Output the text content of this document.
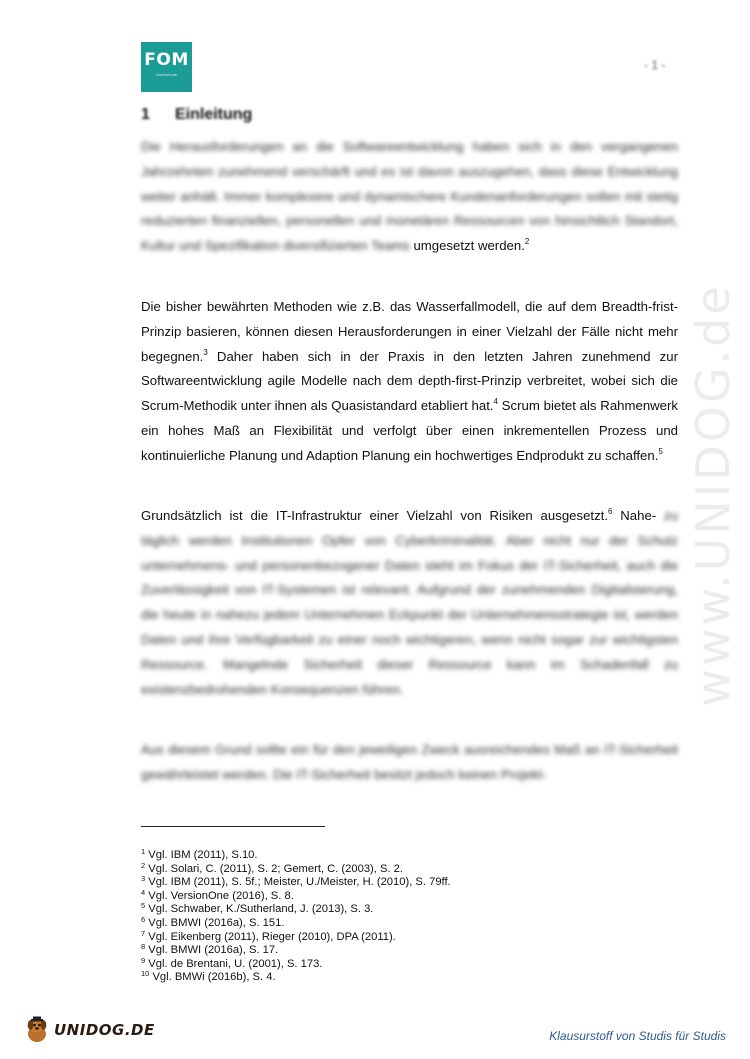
FOM
Hochschule
- 1 -
1 Einleitung
Die Herausforderungen an die Softwareentwicklung haben sich in den vergangenen Jahrzehnten zunehmend verschärft und es ist davon auszugehen, dass diese Entwicklung weiter anhält. Immer komplexere und dynamischere Kundenanforderungen sollen mit stetig reduzierten finanziellen, personellen und monetären Ressourcen von hinsichtlich Standort, Kultur und Spezifikation diversifizierten Teams umgesetzt werden.$^2$
Die bisher bewährten Methoden wie z.B. das Wasserfallmodell, die auf dem Breadth-frist-Prinzip basieren, können diesen Herausforderungen in einer Vielzahl der Fälle nicht mehr begegnen.$^3$ Daher haben sich in der Praxis in den letzten Jahren zunehmend zur Softwareentwicklung agile Modelle nach dem depth-first-Prinzip verbreitet, wobei sich die Scrum-Methodik unter ihnen als Quasistandard etabliert hat.$^4$ Scrum bietet als Rahmenwerk ein hohes Maß an Flexibilität und verfolgt über einen inkrementellen Prozess und kontinuierliche Planung und Adaption Planung ein hochwertiges Endprodukt zu schaffen.$^5$
Grundsätzlich ist die IT-Infrastruktur einer Vielzahl von Risiken ausgesetzt.$^6$ Nahe- zu täglich werden Institutionen Opfer von Cyberkriminalität. Aber nicht nur der Schutz unternehmens- und personenbezogener Daten steht im Fokus der IT-Sicherheit, auch die Zuverlässigkeit von IT-Systemen ist relevant. Aufgrund der zunehmenden Digitalisierung, die heute in nahezu jedem Unternehmen Eckpunkt der Unternehmensstrategie ist, werden Daten und ihre Verfügbarkeit zu einer noch wichtigeren, wenn nicht sogar zur wichtigsten Ressource. Mangelnde Sicherheit dieser Ressource kann im Schadenfall zu existenzbedrohenden Konsequenzen führen.
Aus diesem Grund sollte ein für den jeweiligen Zweck ausreichendes Maß an IT-Sicherheit gewährleistet werden. Die IT-Sicherheit besitzt jedoch keinen Projekt-
$^1$ Vgl. IBM (2011), S.10.
$^2$ Vgl. Solari, C. (2011), S. 2; Gemert, C. (2003), S. 2.
$^3$ Vgl. IBM (2011), S. 5f.; Meister, U./Meister, H. (2010), S. 79ff.
$^4$ Vgl. VersionOne (2016), S. 8.
$^5$ Vgl. Schwaber, K./Sutherland, J. (2013), S. 3.
$^6$ Vgl. BMWI (2016a), S. 151.
$^7$ Vgl. Eikenberg (2011), Rieger (2010), DPA (2011).
$^8$ Vgl. BMWI (2016a), S. 17.
$^9$ Vgl. de Brentani, U. (2001), S. 173.
$^{10}$ Vgl. BMWi (2016b), S. 4.
www.UNIDOG.de
UNIDOG.DE	Klausurstoff von Studis für Studis
